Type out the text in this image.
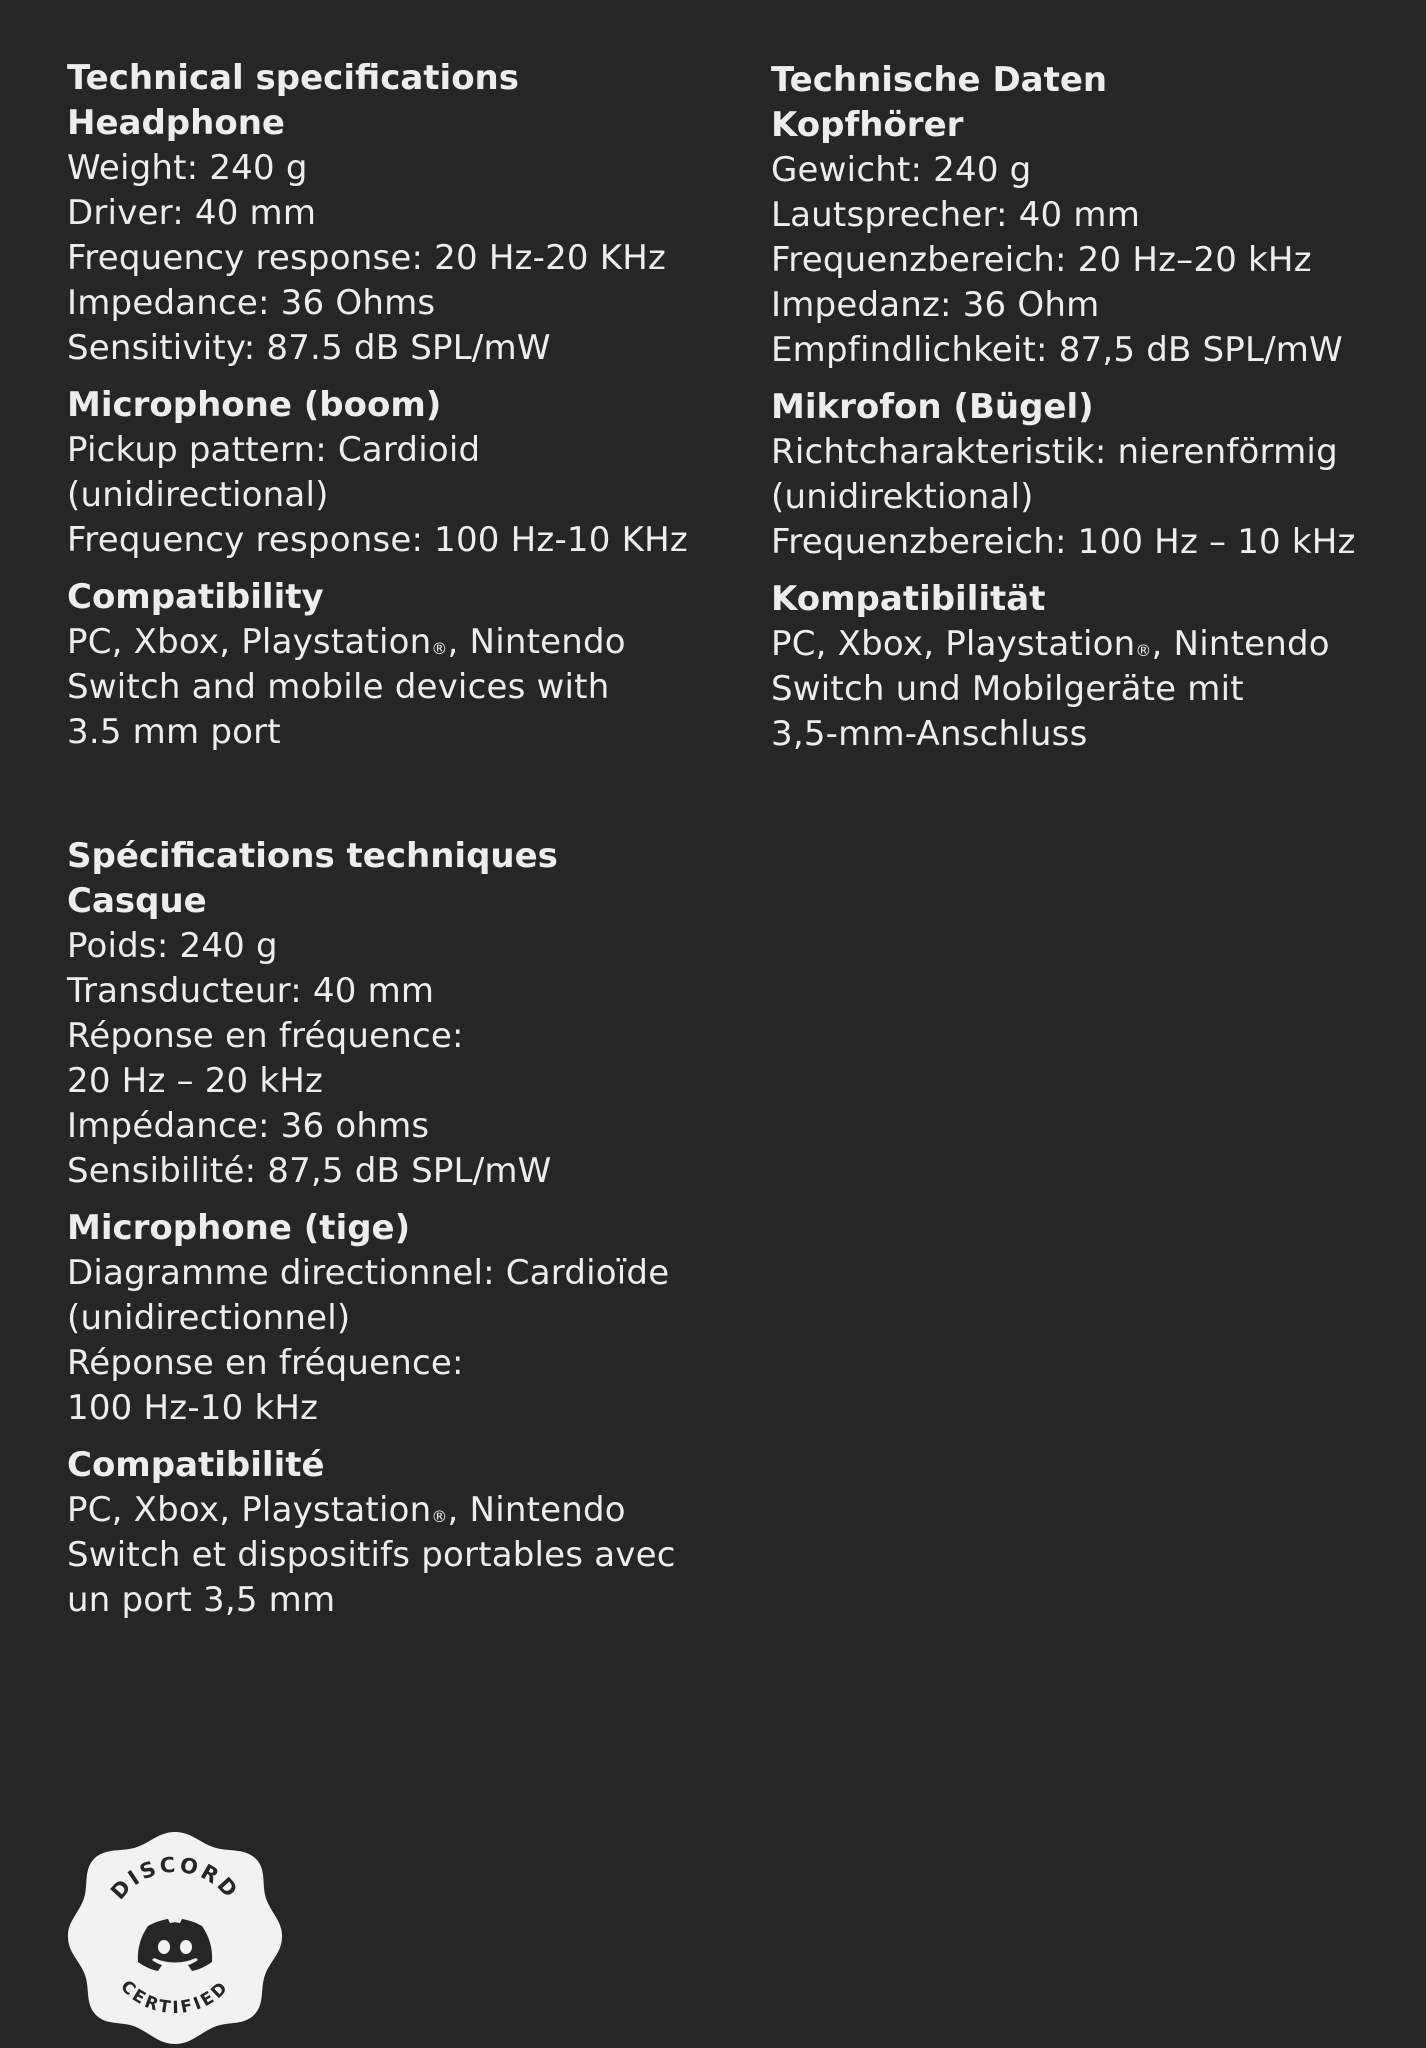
Technical specifications

Headphone

Weight: 240 g

Driver: 40 mm

Frequency response: 20 Hz-20 KHz

Impedance: 36 Ohms

Sensitivity: 87.5 dB SPL/mW

Microphone (boom)

Pickup pattern: Cardioid

(unidirectional)

Frequency response: 100 Hz-10 KHz

Compatibility

PC, Xbox, Playstation®, Nintendo

Switch and mobile devices with

3.5 mm port

Technische Daten

Kopfhörer

Gewicht: 240 g

Lautsprecher: 40 mm

Frequenzbereich: 20 Hz–20 kHz

Impedanz: 36 Ohm

Empfindlichkeit: 87,5 dB SPL/mW

Mikrofon (Bügel)

Richtcharakteristik: nierenförmig

(unidirektional)

Frequenzbereich: 100 Hz – 10 kHz

Kompatibilität

PC, Xbox, Playstation®, Nintendo

Switch und Mobilgeräte mit

3,5-mm-Anschluss

Spécifications techniques

Casque

Poids: 240 g

Transducteur: 40 mm

Réponse en fréquence:

20 Hz – 20 kHz

Impédance: 36 ohms

Sensibilité: 87,5 dB SPL/mW

Microphone (tige)

Diagramme directionnel: Cardioïde

(unidirectionnel)

Réponse en fréquence:

100 Hz-10 kHz

Compatibilité

PC, Xbox, Playstation®, Nintendo

Switch et dispositifs portables avec

un port 3,5 mm

DISCORD
CERTIFIED
